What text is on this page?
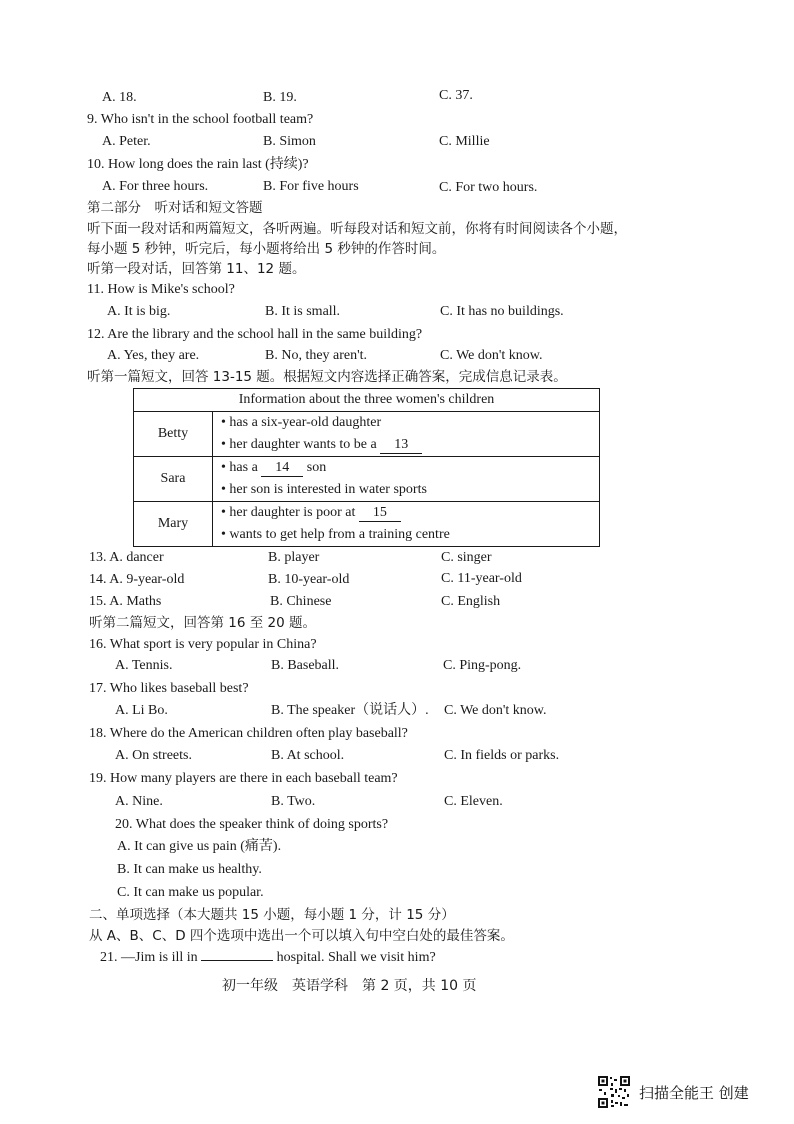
A. 18.	B. 19.	C. 37.
9. Who isn't in the school football team?
A. Peter.	B. Simon	C. Millie
10. How long does the rain last (持续)?
A. For three hours.	B. For five hours	C. For two hours.
第二部分　听对话和短文答题
听下面一段对话和两篇短文，各听两遍。听每段对话和短文前，你将有时间阅读各个小题，
每小题 5 秒钟，听完后，每小题将给出 5 秒钟的作答时间。
听第一段对话，回答第 11、12 题。
11. How is Mike's school?
A. It is big.	B. It is small.	C. It has no buildings.
12. Are the library and the school hall in the same building?
A. Yes, they are.	B. No, they aren't.	C. We don't know.
听第一篇短文，回答 13-15 题。根据短文内容选择正确答案，完成信息记录表。
Information about the three women's children	
Betty	• has a six-year-old daughter
• her daughter wants to be a 13

Sara	• has a 14 son
• her son is interested in water sports

Mary	• her daughter is poor at 15
• wants to get help from a training centre
13. A. dancer	B. player	C. singer
14. A. 9-year-old	B. 10-year-old	C. 11-year-old
15. A. Maths	B. Chinese	C. English
听第二篇短文，回答第 16 至 20 题。
16. What sport is very popular in China?
A. Tennis.	B. Baseball.	C. Ping-pong.
17. Who likes baseball best?
A. Li Bo.	B. The speaker（说话人）. C. We don't know.
18. Where do the American children often play baseball?
A. On streets.	B. At school.	C. In fields or parks.
19. How many players are there in each baseball team?
A. Nine.	B. Two.	C. Eleven.
20. What does the speaker think of doing sports?
A. It can give us pain (痛苦).
B. It can make us healthy.
C. It can make us popular.
二、单项选择（本大题共 15 小题，每小题 1 分，计 15 分）
从 A、B、C、D 四个选项中选出一个可以填入句中空白处的最佳答案。
21. —Jim is ill in	hospital. Shall we visit him?
初一年级　英语学科　第 2 页，共 10 页
扫描全能王 创建
